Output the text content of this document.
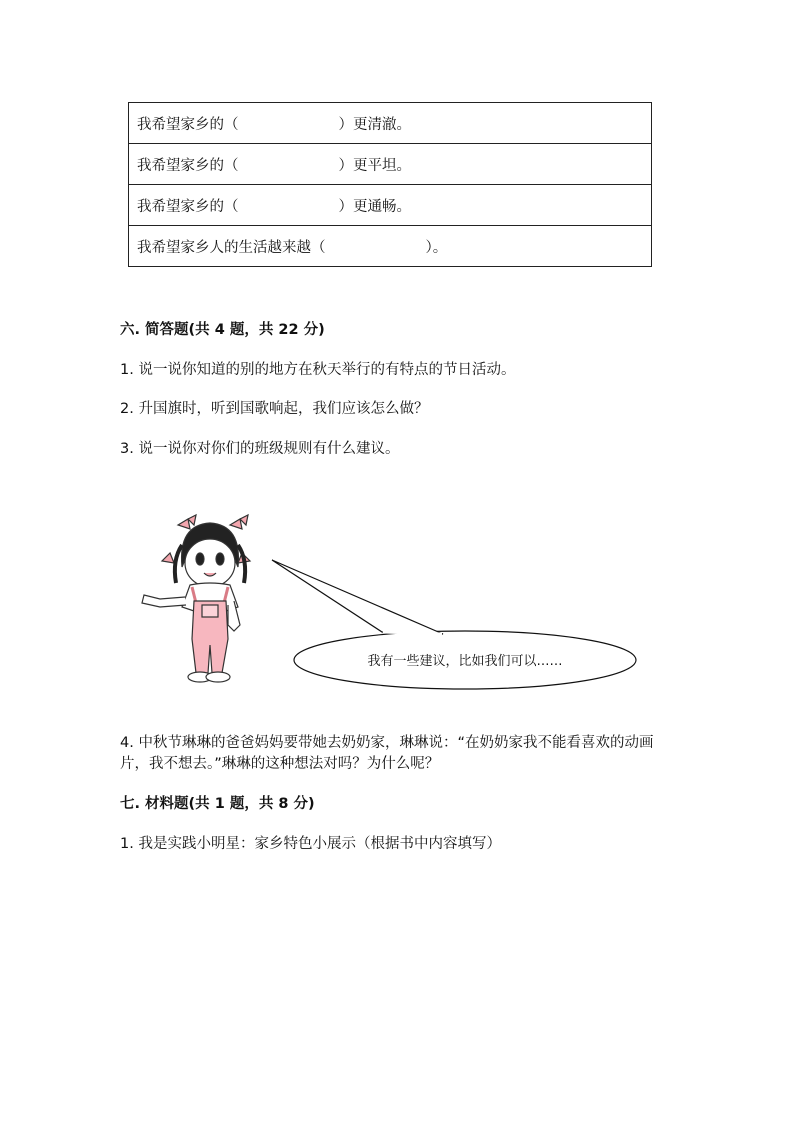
我希望家乡的（	）更清澈。
我希望家乡的（	）更平坦。
我希望家乡的（	）更通畅。
我希望家乡人的生活越来越（	）。
六. 简答题(共 4 题，共 22 分)
1. 说一说你知道的别的地方在秋天举行的有特点的节日活动。
2. 升国旗时，听到国歌响起，我们应该怎么做？
3. 说一说你对你们的班级规则有什么建议。
我有一些建议，比如我们可以……
4. 中秋节琳琳的爸爸妈妈要带她去奶奶家，琳琳说：“在奶奶家我不能看喜欢的动画片，我不想去。”琳琳的这种想法对吗？为什么呢？
七. 材料题(共 1 题，共 8 分)
1. 我是实践小明星：家乡特色小展示（根据书中内容填写）
